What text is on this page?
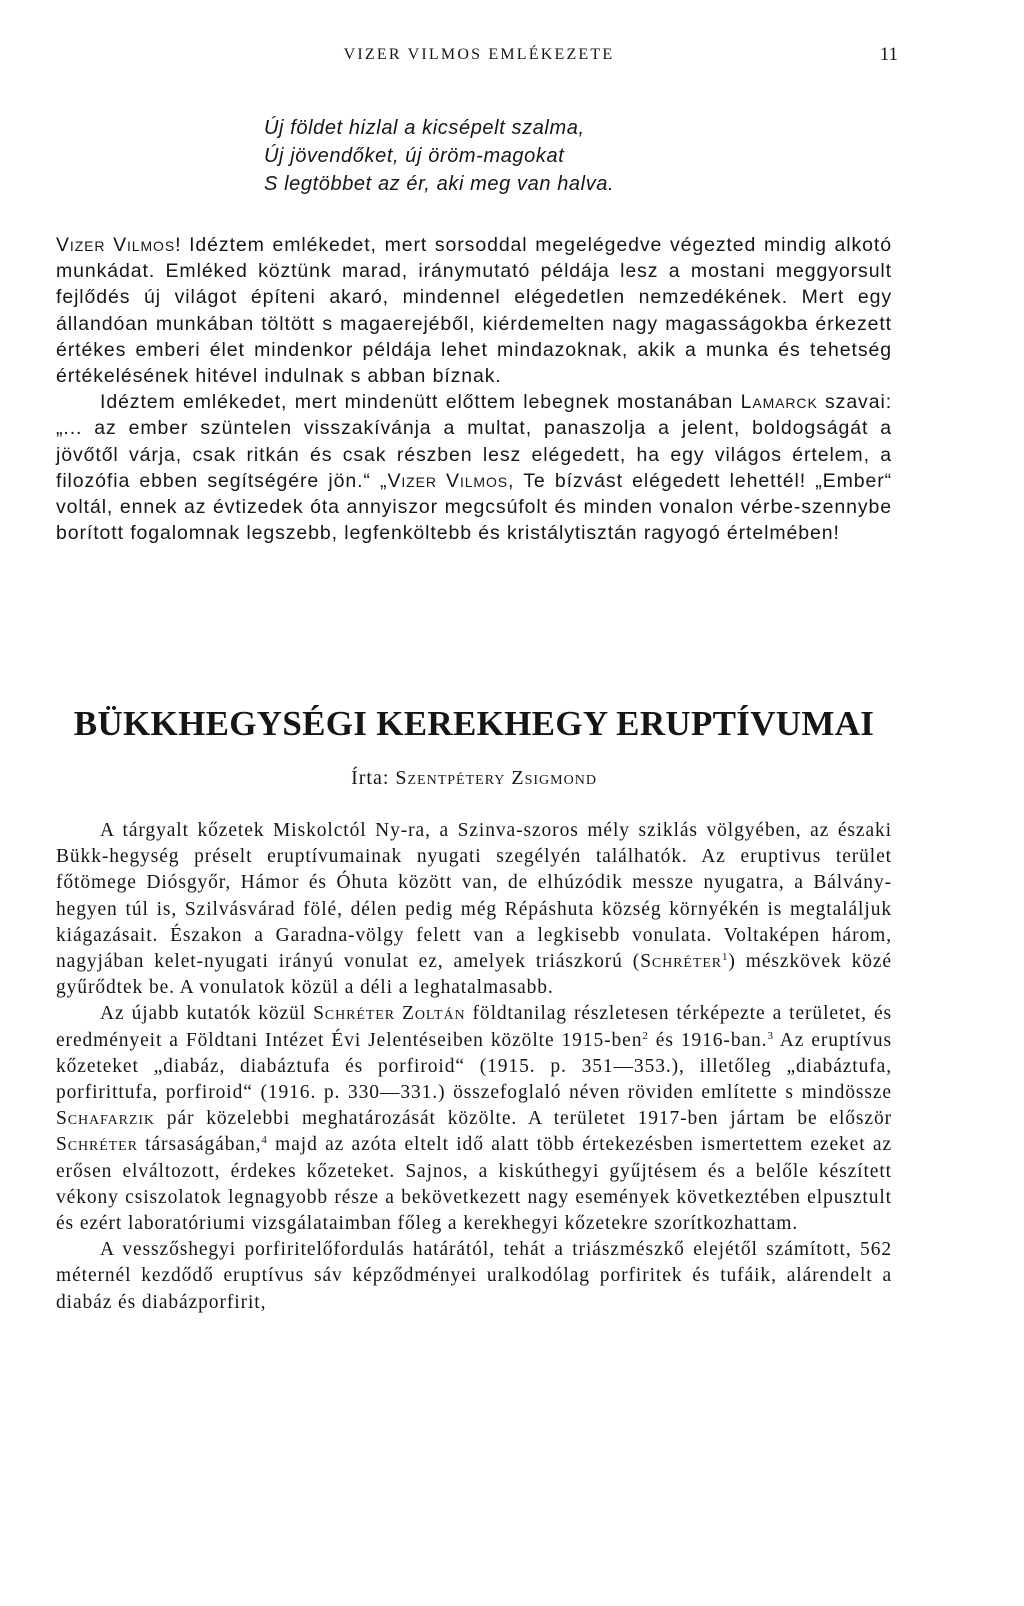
VIZER VILMOS EMLÉKEZETE	11
Új földet hizlal a kicsépelt szalma,
Új jövendőket, új öröm-magokat
S legtöbbet az ér, aki meg van halva.

Vizer Vilmos! Idéztem emlékedet, mert sorsoddal megelégedve végezted mindig alkotó munkádat. Emléked köztünk marad, iránymutató példája lesz a mostani meggyorsult fejlődés új világot építeni akaró, mindennel elégedetlen nemzedékének. Mert egy állandóan munkában töltött s magaerejéből, kiérdemelten nagy magasságokba érkezett értékes emberi élet mindenkor példája lehet mindazoknak, akik a munka és tehetség értékelésének hitével indulnak s abban bíznak.

Idéztem emlékedet, mert mindenütt előttem lebegnek mostanában Lamarck szavai: „... az ember szüntelen visszakívánja a multat, panaszolja a jelent, boldogságát a jövőtől várja, csak ritkán és csak részben lesz elégedett, ha egy világos értelem, a filozófia ebben segítségére jön.“ „Vizer Vilmos, Te bízvást elégedett lehettél! „Ember“ voltál, ennek az évtizedek óta annyiszor megcsúfolt és minden vonalon vérbe-szennybe borított fogalomnak legszebb, legfenköltebb és kristálytisztán ragyogó értelmében!

BÜKKHEGYSÉGI KEREKHEGY ERUPTÍVUMAI
Írta: Szentpétery Zsigmond

A tárgyalt kőzetek Miskolctól Ny-ra, a Szinva-szoros mély sziklás völgyében, az északi Bükk-hegység préselt eruptívumainak nyugati szegélyén találhatók. Az eruptivus terület főtömege Diósgyőr, Hámor és Óhuta között van, de elhúzódik messze nyugatra, a Bálvány-hegyen túl is, Szilvásvárad fölé, délen pedig még Répáshuta község környékén is megtaláljuk kiágazásait. Északon a Garadna-völgy felett van a legkisebb vonulata. Voltaképen három, nagyjában kelet-nyugati irányú vonulat ez, amelyek triászkorú (Schréter$^1$) mészkövek közé gyűrődtek be. A vonulatok közül a déli a leghatalmasabb.

Az újabb kutatók közül Schréter Zoltán földtanilag részletesen térképezte a területet, és eredményeit a Földtani Intézet Évi Jelentéseiben közölte 1915-ben$^2$ és 1916-ban.$^3$ Az eruptívus kőzeteket „diabáz, diabáztufa és porfiroid“ (1915. p. 351—353.), illetőleg „diabáztufa, porfirittufa, porfiroid“ (1916. p. 330—331.) összefoglaló néven röviden említette s mindössze Schafarzik pár közelebbi meghatározását közölte. A területet 1917-ben jártam be először Schréter társaságában,$^4$ majd az azóta eltelt idő alatt több értekezésben ismertettem ezeket az erősen elváltozott, érdekes kőzeteket. Sajnos, a kiskúthegyi gyűjtésem és a belőle készített vékony csiszolatok legnagyobb része a bekövetkezett nagy események következtében elpusztult és ezért laboratóriumi vizsgálataimban főleg a kerekhegyi kőzetekre szorítkozhattam.

A vesszőshegyi porfiritelőfordulás határától, tehát a triászmészkő elejétől számított, 562 méternél kezdődő eruptívus sáv képződményei uralkodólag porfiritek és tufáik, alárendelt a diabáz és diabázporfirit,
